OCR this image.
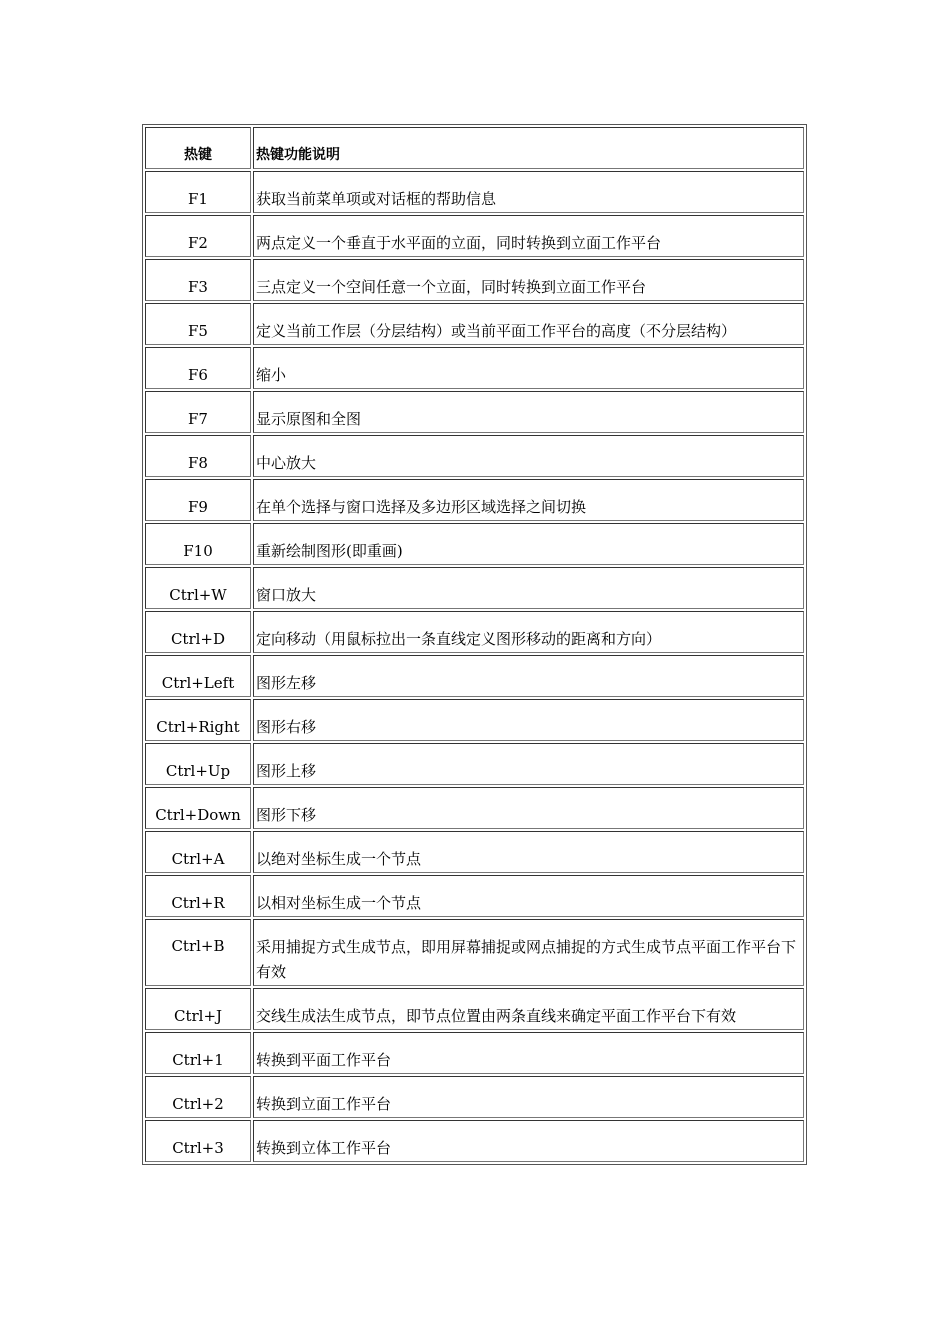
热键	热键功能说明
F1	获取当前菜单项或对话框的帮助信息
F2	两点定义一个垂直于水平面的立面，同时转换到立面工作平台
F3	三点定义一个空间任意一个立面，同时转换到立面工作平台
F5	定义当前工作层（分层结构）或当前平面工作平台的高度（不分层结构）
F6	缩小
F7	显示原图和全图
F8	中心放大
F9	在单个选择与窗口选择及多边形区域选择之间切换
F10	重新绘制图形(即重画)
Ctrl+W	窗口放大
Ctrl+D	定向移动（用鼠标拉出一条直线定义图形移动的距离和方向）
Ctrl+Left	图形左移
Ctrl+Right	图形右移
Ctrl+Up	图形上移
Ctrl+Down	图形下移
Ctrl+A	以绝对坐标生成一个节点
Ctrl+R	以相对坐标生成一个节点

Ctrl+B	采用捕捉方式生成节点，即用屏幕捕捉或网点捕捉的方式生成节点平面工作平台下有效
Ctrl+J	交线生成法生成节点，即节点位置由两条直线来确定平面工作平台下有效
Ctrl+1	转换到平面工作平台
Ctrl+2	转换到立面工作平台
Ctrl+3	转换到立体工作平台
